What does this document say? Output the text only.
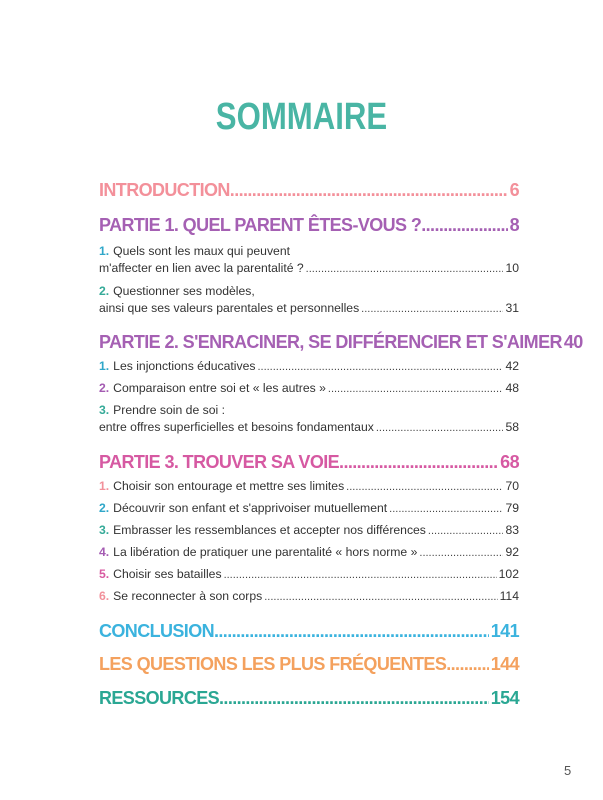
SOMMAIRE
INTRODUCTION .....	6
PARTIE 1. QUEL PARENT ÊTES-VOUS ? .....	8
1. Quels sont les maux qui peuvent
m'affecter en lien avec la parentalité ? .....	10
2. Questionner ses modèles,
ainsi que ses valeurs parentales et personnelles .....	31
PARTIE 2. S'ENRACINER, SE DIFFÉRENCIER ET S'AIMER 40
1. Les injonctions éducatives .....	42
2. Comparaison entre soi et « les autres » .....	48
3. Prendre soin de soi :
entre offres superficielles et besoins fondamentaux .....	58
PARTIE 3. TROUVER SA VOIE .....	68
1. Choisir son entourage et mettre ses limites .....	70
2. Découvrir son enfant et s'apprivoiser mutuellement .....	79
3. Embrasser les ressemblances et accepter nos différences .....	83
4. La libération de pratiquer une parentalité « hors norme » .....	92
5. Choisir ses batailles .....	102
6. Se reconnecter à son corps .....	114
CONCLUSION .....	141
LES QUESTIONS LES PLUS FRÉQUENTES ..... 144
RESSOURCES .....	154
5
